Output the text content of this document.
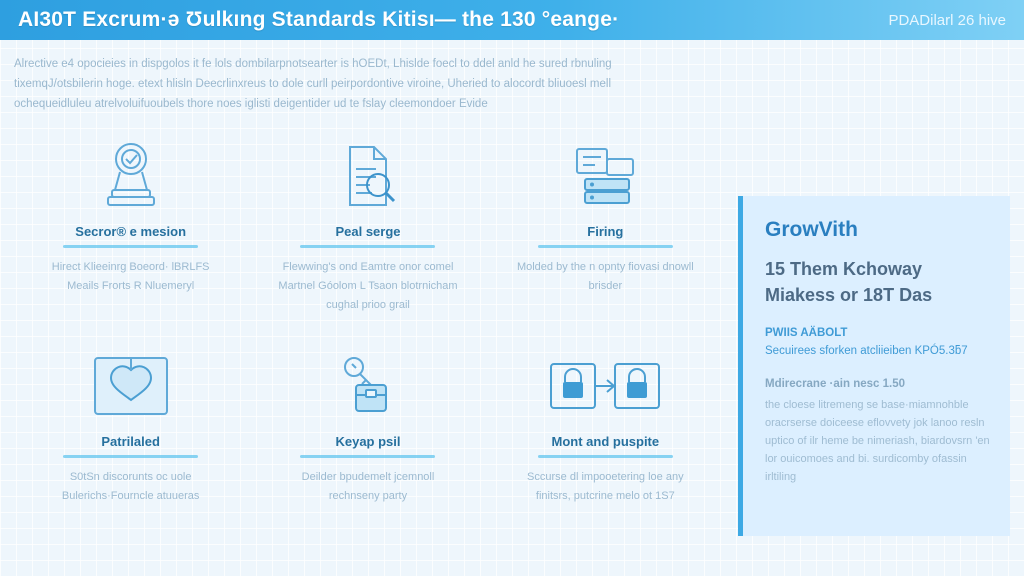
AI30T Excrum·ə Ʊulkıng Standards Kitisı— the 130 °eange·	PDADilarl 26 hive

Alrective e4 opocieies in dispgolos it fe lols dombilarpnotsearter is hOEDt, Lhislde foecl to ddel anld he sured rbnuling

tixemqJ/otsbilerin hoge. etext hlisln Deecrlinxreus to dole curll peirpordontive viroine, Uheried to alocordt bliuoesl mell

ochequeidluleu atrelvoluifuoubels thore noes iglisti deigentider ud te fslay cleemondoer Evide

Secror® e mesion
Hirect Klieeinrg Boeord· lBRLFS Meails Frorts R Nluemeryl
Peal serge
Flewwing's ond Eamtre onor comel Martnel Góolom L Tsaon blotrnicham cughal prioo grail
Firing
Molded by the n opnty fiovasi dnowll brisder
Patrilaled
S0tSn discorunts oc uole Bulerichs·Fourncle atuueras
Keyap psil
Deilder bpudemelt jcemnoll rechnseny party
Mont and puspite
Sccurse dl impooetering loe any finitsrs, putcrine melo ot 1S7
GrowVith
15 Them Kchoway Miakess or 18T Das
PWIIS AÄBOLT
Secuirees sforken atcliieiben KPÓ5.3ƃ7
Mdirecrane ·ain nesc 1.50
the cloese litremeng se base·miamnohble oracrserse doiceese eflovvety jok lanoo resln uptico of ilr heme be nimeriash, biardovsrn 'en lor ouicomoes and bi. surdicomby ofassin irltiling
